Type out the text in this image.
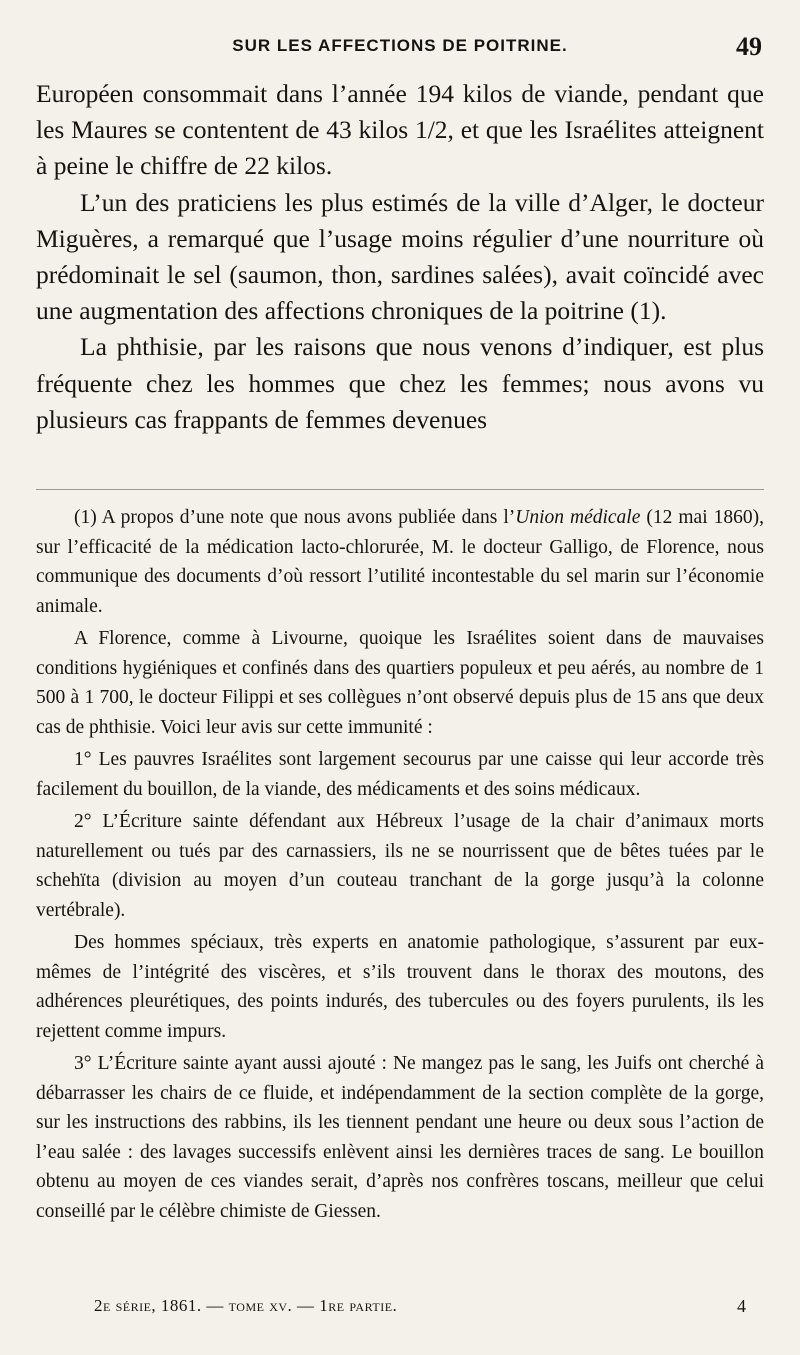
SUR LES AFFECTIONS DE POITRINE.	49

Européen consommait dans l’année 194 kilos de viande, pendant que les Maures se contentent de 43 kilos 1/2, et que les Israélites atteignent à peine le chiffre de 22 kilos.

L’un des praticiens les plus estimés de la ville d’Alger, le docteur Miguères, a remarqué que l’usage moins régulier d’une nourriture où prédominait le sel (saumon, thon, sardines salées), avait coïncidé avec une augmentation des affections chroniques de la poitrine (1).

La phthisie, par les raisons que nous venons d’indiquer, est plus fréquente chez les hommes que chez les femmes; nous avons vu plusieurs cas frappants de femmes devenues

(1) A propos d’une note que nous avons publiée dans l’Union médicale (12 mai 1860), sur l’efficacité de la médication lacto-chlorurée, M. le docteur Galligo, de Florence, nous communique des documents d’où ressort l’utilité incontestable du sel marin sur l’économie animale.

A Florence, comme à Livourne, quoique les Israélites soient dans de mauvaises conditions hygiéniques et confinés dans des quartiers populeux et peu aérés, au nombre de 1 500 à 1 700, le docteur Filippi et ses collègues n’ont observé depuis plus de 15 ans que deux cas de phthisie. Voici leur avis sur cette immunité :

1° Les pauvres Israélites sont largement secourus par une caisse qui leur accorde très facilement du bouillon, de la viande, des médicaments et des soins médicaux.

2° L’Écriture sainte défendant aux Hébreux l’usage de la chair d’animaux morts naturellement ou tués par des carnassiers, ils ne se nourrissent que de bêtes tuées par le schehïta (division au moyen d’un couteau tranchant de la gorge jusqu’à la colonne vertébrale).

Des hommes spéciaux, très experts en anatomie pathologique, s’assurent par eux-mêmes de l’intégrité des viscères, et s’ils trouvent dans le thorax des moutons, des adhérences pleurétiques, des points indurés, des tubercules ou des foyers purulents, ils les rejettent comme impurs.

3° L’Écriture sainte ayant aussi ajouté : Ne mangez pas le sang, les Juifs ont cherché à débarrasser les chairs de ce fluide, et indépendamment de la section complète de la gorge, sur les instructions des rabbins, ils les tiennent pendant une heure ou deux sous l’action de l’eau salée : des lavages successifs enlèvent ainsi les dernières traces de sang. Le bouillon obtenu au moyen de ces viandes serait, d’après nos confrères toscans, meilleur que celui conseillé par le célèbre chimiste de Giessen.

2e série, 1861. — tome xv. — 1re partie.	4
